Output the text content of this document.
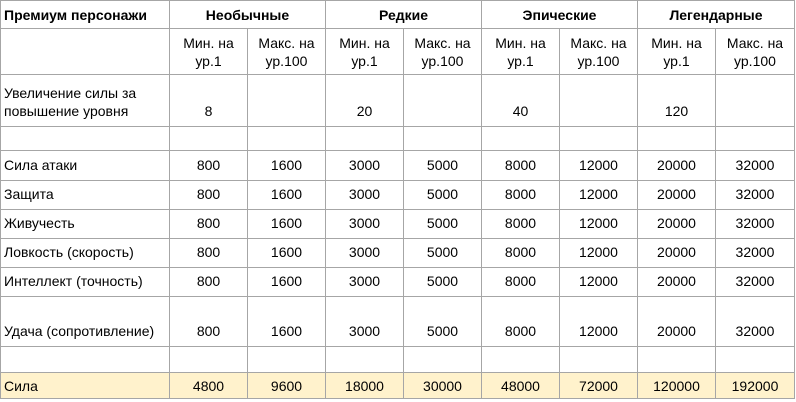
Премиум персонажи	Необычные		Редкие		Эпические		Легендарные	
	Мин. на ур.1	Макс. на ур.100	Мин. на ур.1	Макс. на ур.100	Мин. на ур.1	Макс. на ур.100	Мин. на ур.1	Макс. на ур.100
Увеличение силы за повышение уровня	8		20		40		120	

Сила атаки	800	1600	3000	5000	8000	12000	20000	32000
Защита	800	1600	3000	5000	8000	12000	20000	32000
Живучесть	800	1600	3000	5000	8000	12000	20000	32000
Ловкость (скорость)	800	1600	3000	5000	8000	12000	20000	32000
Интеллект (точность)	800	1600	3000	5000	8000	12000	20000	32000
Удача (сопротивление)	800	1600	3000	5000	8000	12000	20000	32000

Сила	4800	9600	18000	30000	48000	72000	120000	192000
